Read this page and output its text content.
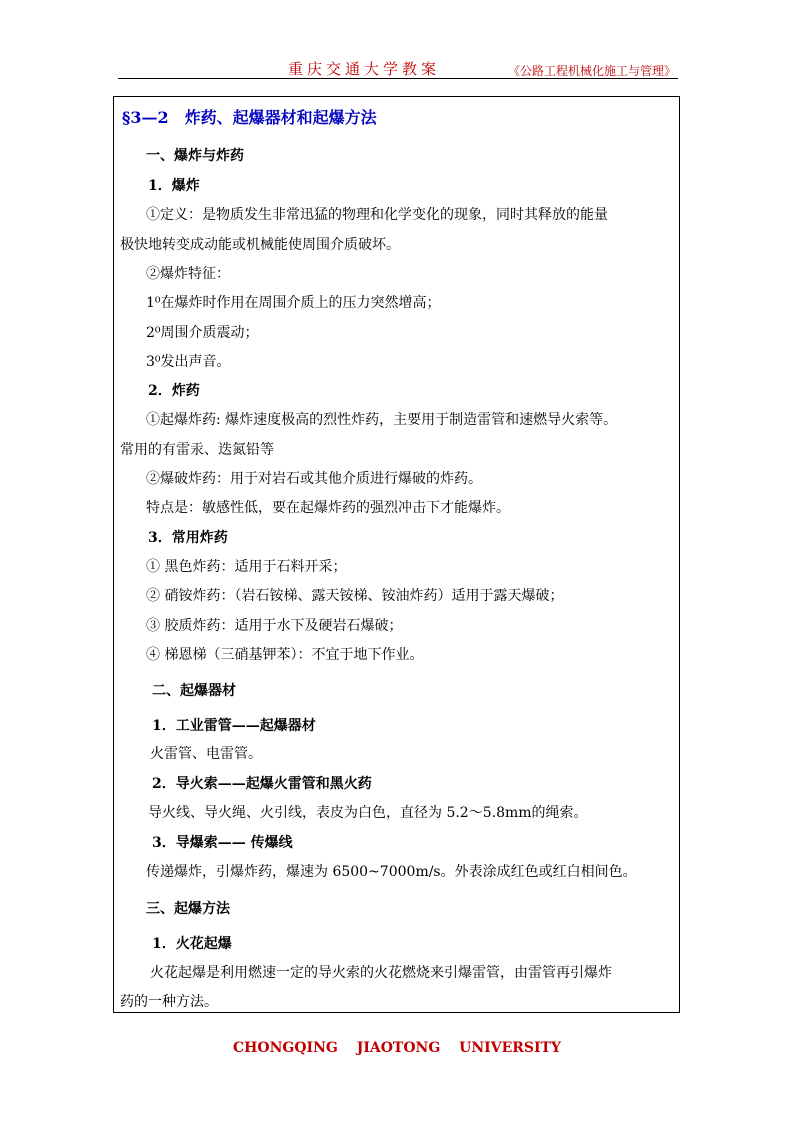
重庆交通大学教案	《公路工程机械化施工与管理》
§3—2　炸药、起爆器材和起爆方法
一、爆炸与炸药
1．爆炸
①定义：是物质发生非常迅猛的物理和化学变化的现象，同时其释放的能量
极快地转变成动能或机械能使周围介质破坏。
②爆炸特征：
1⁰在爆炸时作用在周围介质上的压力突然增高；
2⁰周围介质震动；
3⁰发出声音。
2．炸药
①起爆炸药: 爆炸速度极高的烈性炸药，主要用于制造雷管和速燃导火索等。
常用的有雷汞、迭氮铅等
②爆破炸药：用于对岩石或其他介质进行爆破的炸药。
特点是：敏感性低，要在起爆炸药的强烈冲击下才能爆炸。
3．常用炸药
① 黑色炸药：适用于石料开采；
② 硝铵炸药：（岩石铵梯、露天铵梯、铵油炸药）适用于露天爆破；
③ 胶质炸药：适用于水下及硬岩石爆破；
④ 梯恩梯（三硝基钾苯）：不宜于地下作业。
二、起爆器材
1．工业雷管——起爆器材
火雷管、电雷管。
2．导火索——起爆火雷管和黑火药
导火线、导火绳、火引线，表皮为白色，直径为 5.2～5.8mm的绳索。
3．导爆索—— 传爆线
传递爆炸，引爆炸药，爆速为 6500~7000m/s。外表涂成红色或红白相间色。
三、起爆方法
1．火花起爆
火花起爆是利用燃速一定的导火索的火花燃烧来引爆雷管，由雷管再引爆炸
药的一种方法。
CHONGQING JIAOTONG UNIVERSITY
